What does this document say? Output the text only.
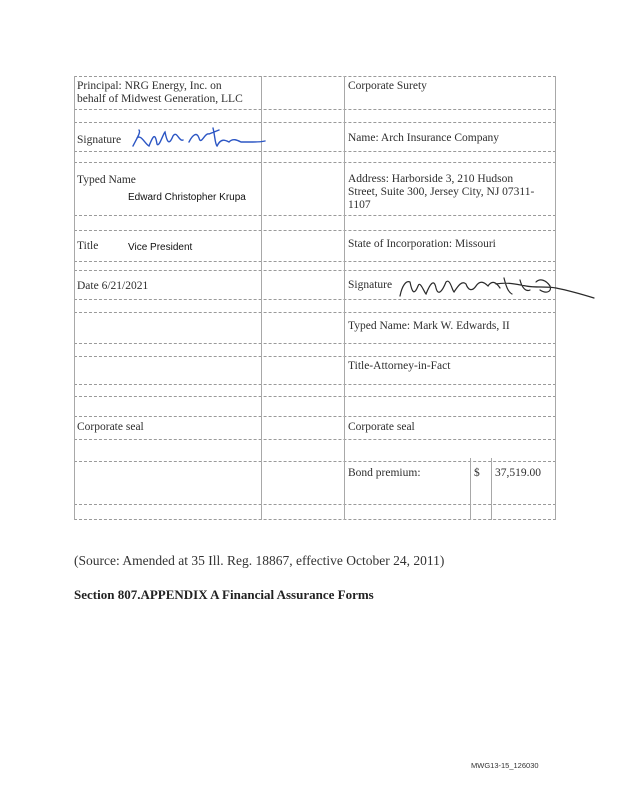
Principal: NRG Energy, Inc. on
behalf of Midwest Generation, LLC
Signature
Typed Name
Edward Christopher Krupa
Title	Vice President
Date 6/21/2021
Corporate seal
Corporate Surety
Name: Arch Insurance Company
Address: Harborside 3, 210 Hudson
Street, Suite 300, Jersey City, NJ 07311-
1107
State of Incorporation: Missouri
Signature
Typed Name: Mark W. Edwards, II
Title-Attorney-in-Fact
Corporate seal
Bond premium:	$ 37,519.00
(Source: Amended at 35 Ill. Reg. 18867, effective October 24, 2011)
Section 807.APPENDIX A Financial Assurance Forms
MWG13-15_126030
